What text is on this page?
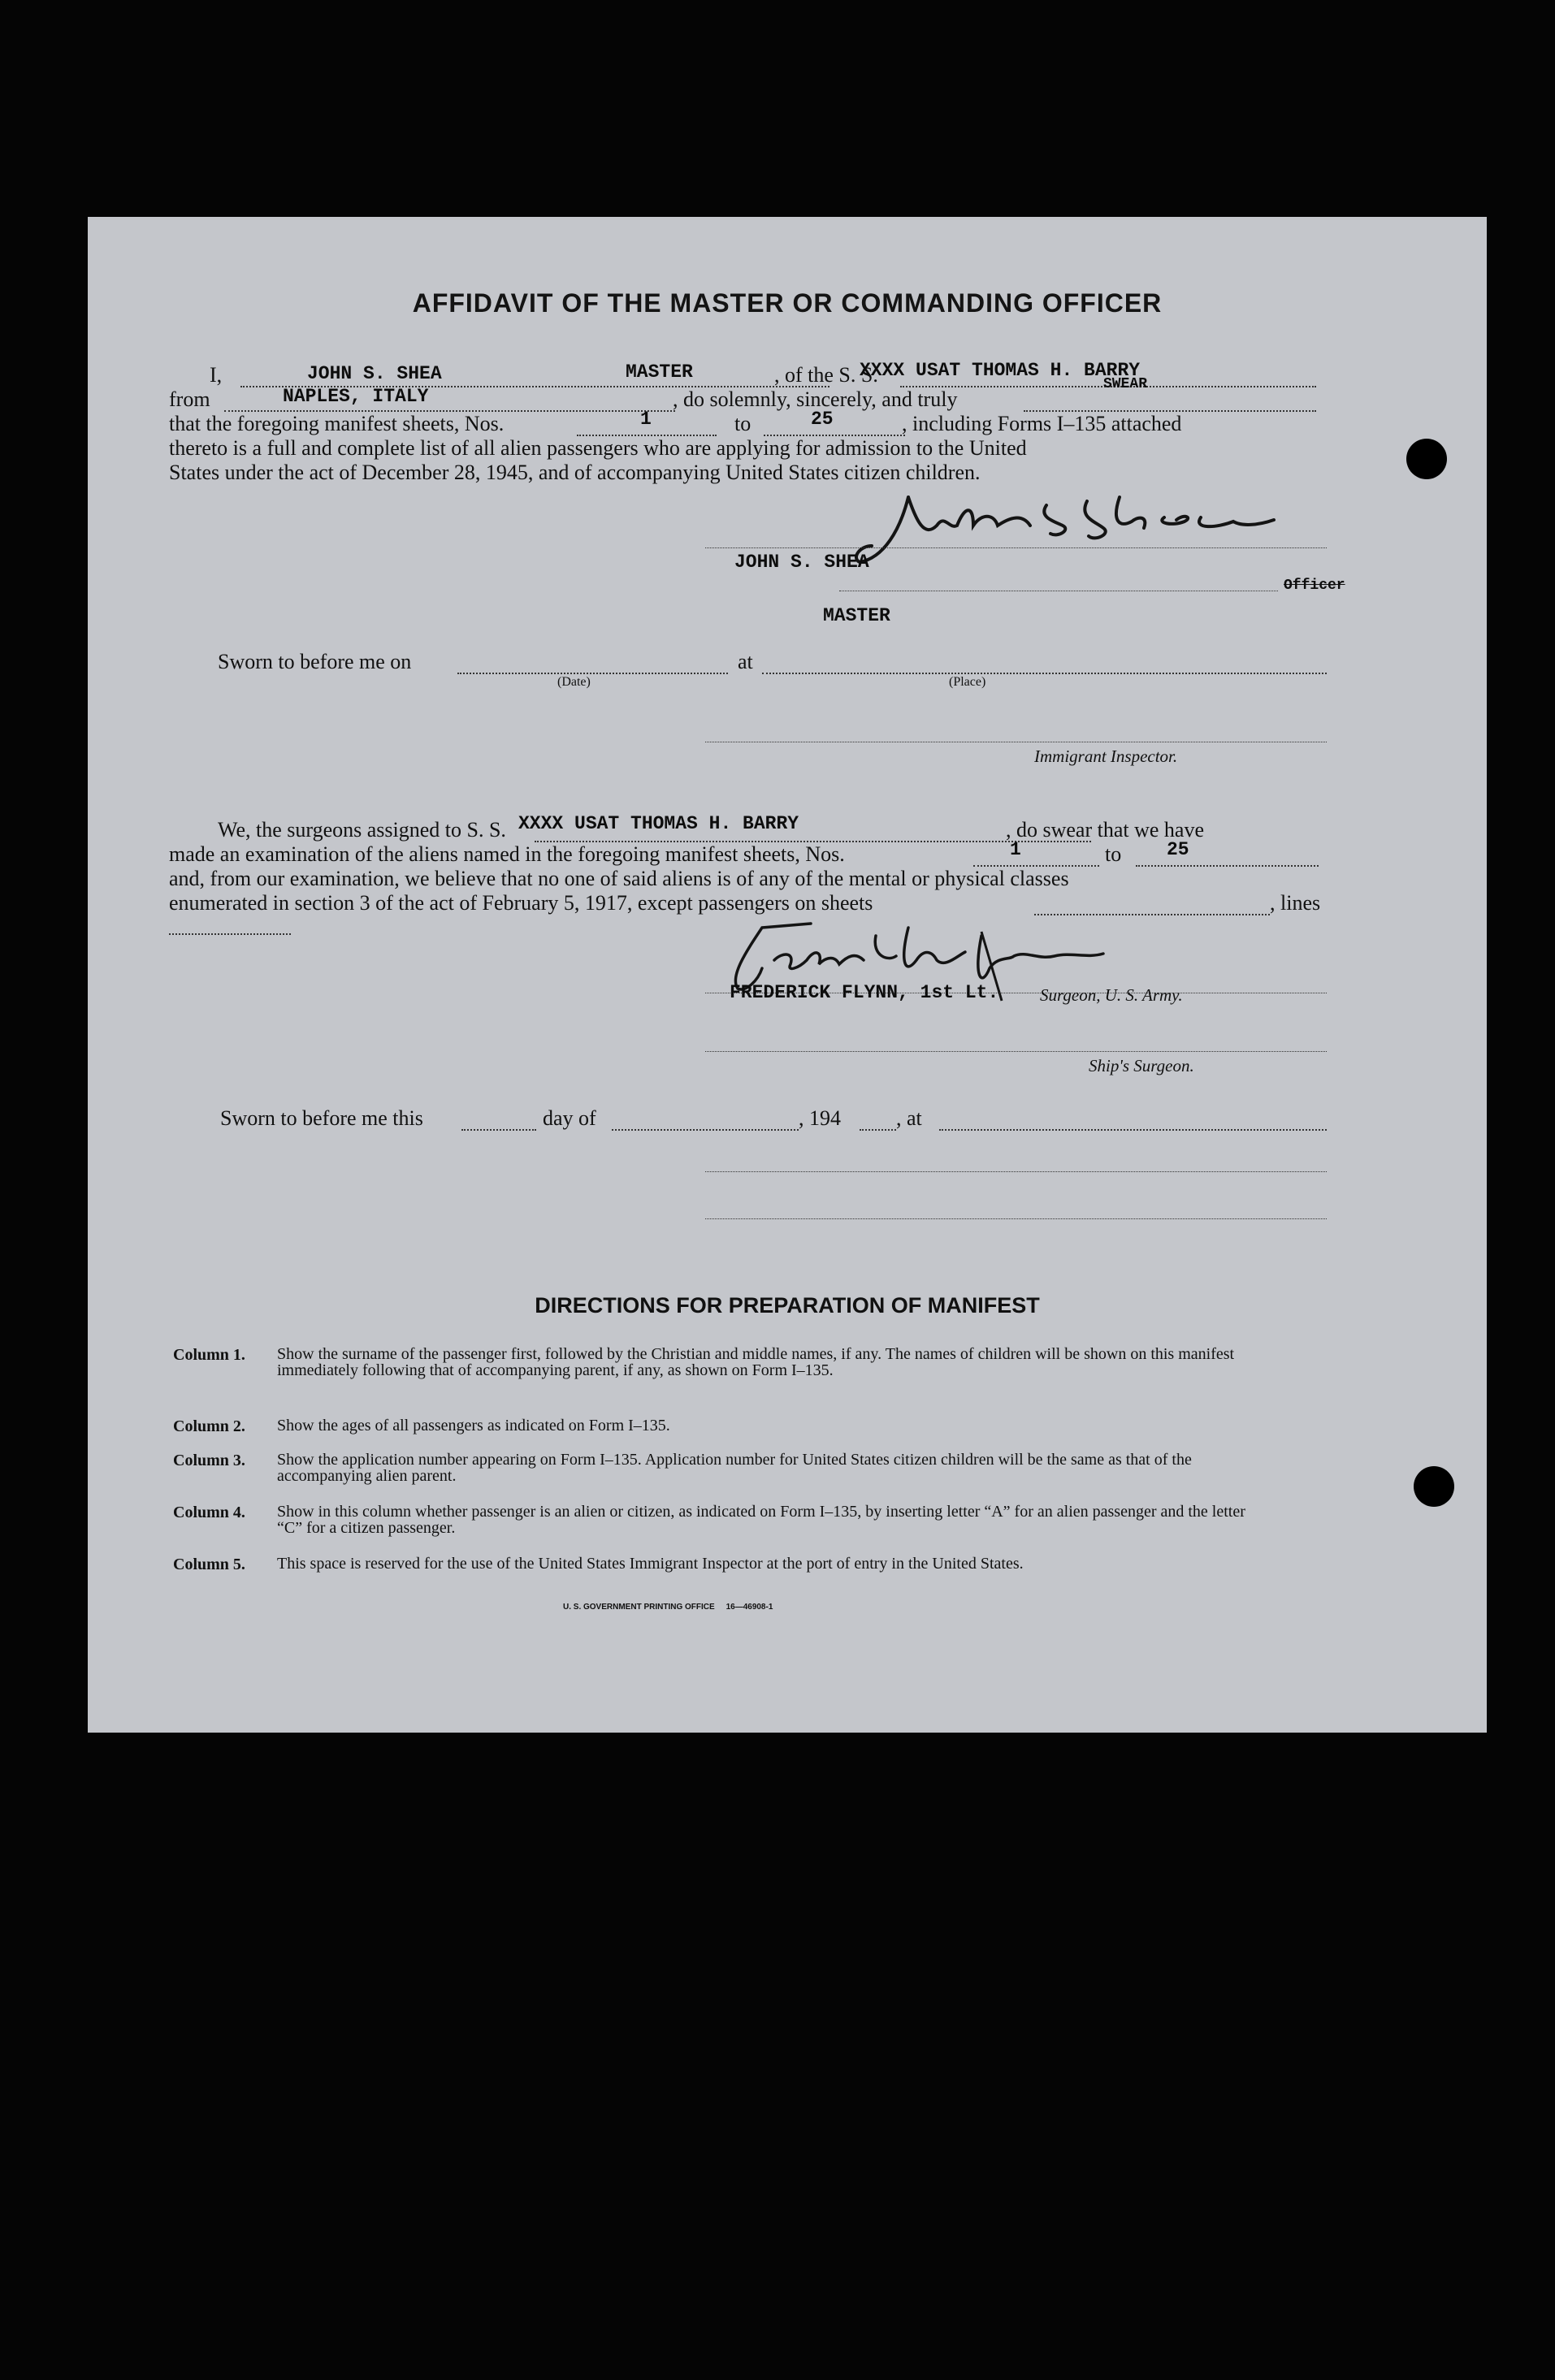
AFFIDAVIT OF THE MASTER OR COMMANDING OFFICER
I,	JOHN S. SHEA	MASTER	, of the S. S.
XXXX USAT THOMAS H. BARRY
from	NAPLES, ITALY	, do solemnly, sincerely, and truly
SWEAR
that the foregoing manifest sheets, Nos.	1	to	25	, including Forms I–135 attached
thereto is a full and complete list of all alien passengers who are applying for admission to the United
States under the act of December 28, 1945, and of accompanying United States citizen children.
JOHN S. SHEA
Officer
MASTER
Sworn to before me on	at
(Date)	(Place)
Immigrant Inspector.
We, the surgeons assigned to S. S. XXXX USAT THOMAS H. BARRY	, do swear that we have
made an examination of the aliens named in the foregoing manifest sheets, Nos.	1	to 25
and, from our examination, we believe that no one of said aliens is of any of the mental or physical classes
enumerated in section 3 of the act of February 5, 1917, except passengers on sheets	, lines
FREDERICK FLYNN, 1st Lt. Surgeon, U. S. Army.
Ship's Surgeon.
Sworn to before me this	day of	, 194	, at
DIRECTIONS FOR PREPARATION OF MANIFEST
Column 1. Show the surname of the passenger first, followed by the Christian and middle names, if any. The names of children will be shown on this manifest immediately following that of accompanying parent, if any, as shown on Form I–135.
Column 2. Show the ages of all passengers as indicated on Form I–135.
Column 3. Show the application number appearing on Form I–135. Application number for United States citizen children will be the same as that of the accompanying alien parent.
Column 4. Show in this column whether passenger is an alien or citizen, as indicated on Form I–135, by inserting letter “A” for an alien passenger and the letter “C” for a citizen passenger.
Column 5. This space is reserved for the use of the United States Immigrant Inspector at the port of entry in the United States.
U. S. GOVERNMENT PRINTING OFFICE     16—46908-1
